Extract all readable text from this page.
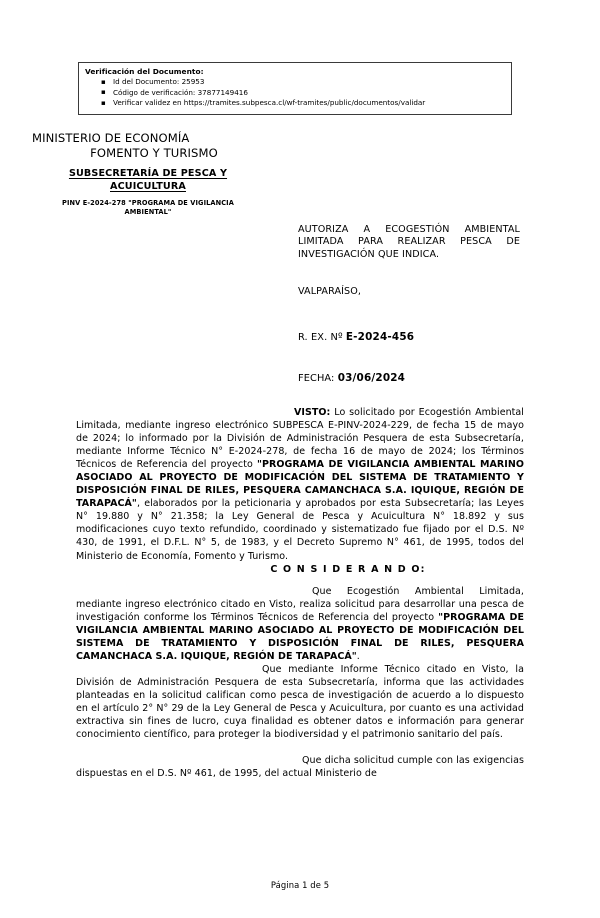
Verificación del Documento:
▪ Id del Documento: 25953
▪ Código de verificación: 37877149416
▪ Verificar validez en https://tramites.subpesca.cl/wf-tramites/public/documentos/validar
MINISTERIO DE ECONOMÍA
FOMENTO Y TURISMO
SUBSECRETARÍA DE PESCA Y ACUICULTURA
PINV E-2024-278 "PROGRAMA DE VIGILANCIA AMBIENTAL"
AUTORIZA A ECOGESTIÓN AMBIENTAL LIMITADA PARA REALIZAR PESCA DE INVESTIGACIÓN QUE INDICA.
VALPARAÍSO,
R. EX. Nº E-2024-456
FECHA: 03/06/2024

VISTO: Lo solicitado por Ecogestión Ambiental Limitada, mediante ingreso electrónico SUBPESCA E-PINV-2024-229, de fecha 15 de mayo de 2024; lo informado por la División de Administración Pesquera de esta Subsecretaría, mediante Informe Técnico N° E-2024-278, de fecha 16 de mayo de 2024; los Términos Técnicos de Referencia del proyecto "PROGRAMA DE VIGILANCIA AMBIENTAL MARINO ASOCIADO AL PROYECTO DE MODIFICACIÓN DEL SISTEMA DE TRATAMIENTO Y DISPOSICIÓN FINAL DE RILES, PESQUERA CAMANCHACA S.A. IQUIQUE, REGIÓN DE TARAPACÁ", elaborados por la peticionaria y aprobados por esta Subsecretaría; las Leyes N° 19.880 y N° 21.358; la Ley General de Pesca y Acuicultura N° 18.892 y sus modificaciones cuyo texto refundido, coordinado y sistematizado fue fijado por el D.S. Nº 430, de 1991, el D.F.L. N° 5, de 1983, y el Decreto Supremo N° 461, de 1995, todos del Ministerio de Economía, Fomento y Turismo.

C O N S I D E R A N D O:

Que Ecogestión Ambiental Limitada, mediante ingreso electrónico citado en Visto, realiza solicitud para desarrollar una pesca de investigación conforme los Términos Técnicos de Referencia del proyecto "PROGRAMA DE VIGILANCIA AMBIENTAL MARINO ASOCIADO AL PROYECTO DE MODIFICACIÓN DEL SISTEMA DE TRATAMIENTO Y DISPOSICIÓN FINAL DE RILES, PESQUERA CAMANCHACA S.A. IQUIQUE, REGIÓN DE TARAPACÁ".

Que mediante Informe Técnico citado en Visto, la División de Administración Pesquera de esta Subsecretaría, informa que las actividades planteadas en la solicitud califican como pesca de investigación de acuerdo a lo dispuesto en el artículo 2° N° 29 de la Ley General de Pesca y Acuicultura, por cuanto es una actividad extractiva sin fines de lucro, cuya finalidad es obtener datos e información para generar conocimiento científico, para proteger la biodiversidad y el patrimonio sanitario del país.

Que dicha solicitud cumple con las exigencias dispuestas en el D.S. Nº 461, de 1995, del actual Ministerio de

Página 1 de 5
